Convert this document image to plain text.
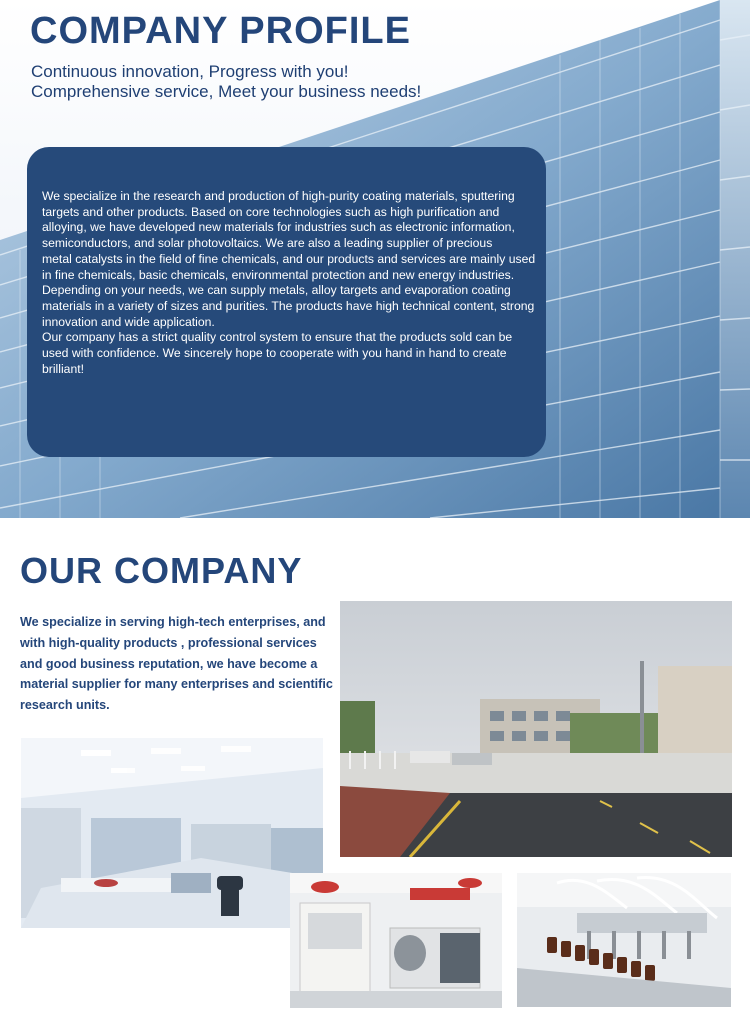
COMPANY PROFILE

Continuous innovation, Progress with you!
Comprehensive service, Meet your business needs!

We specialize in the research and production of high-purity coating materials, sputtering targets and other products. Based on core technologies such as high purification and alloying, we have developed new materials for industries such as electronic information, semiconductors, and solar photovoltaics. We are also a leading supplier of precious

metal catalysts in the field of fine chemicals, and our products and services are mainly used in fine chemicals, basic chemicals, environmental protection and new energy industries.

Depending on your needs, we can supply metals, alloy targets and evaporation coating materials in a variety of sizes and purities. The products have high technical content, strong innovation and wide application.

Our company has a strict quality control system to ensure that the products sold can be used with confidence. We sincerely hope to cooperate with you hand in hand to create brilliant!

OUR COMPANY

We specialize in serving high-tech enterprises, and with high-quality products , professional services and good business reputation, we have become a material supplier for many enterprises and scientific research units.
